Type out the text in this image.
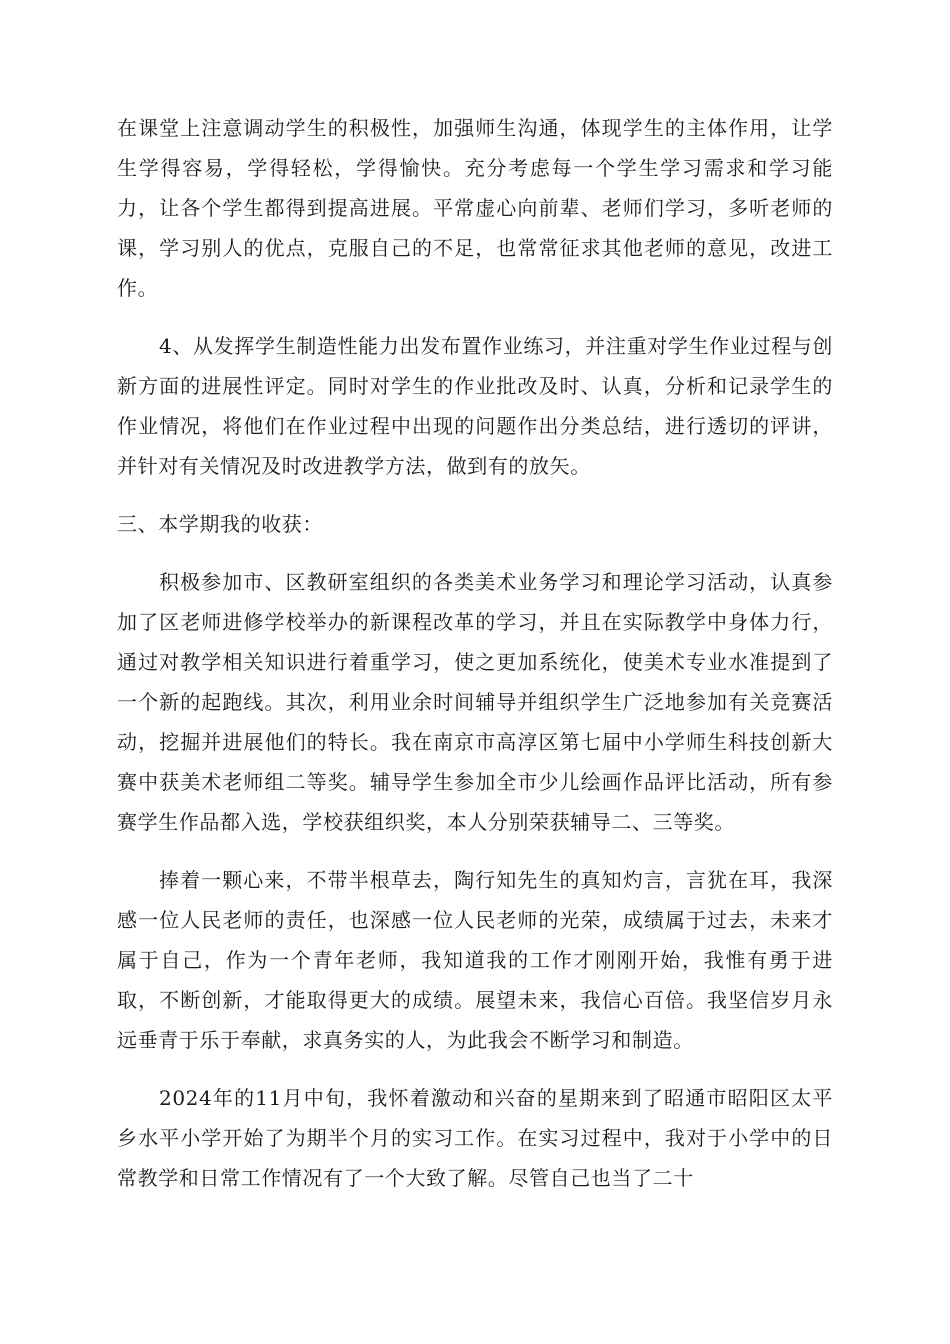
在课堂上注意调动学生的积极性，加强师生沟通，体现学生的主体作用，让学生学得容易，学得轻松，学得愉快。充分考虑每一个学生学习需求和学习能力，让各个学生都得到提高进展。平常虚心向前辈、老师们学习，多听老师的课，学习别人的优点，克服自己的不足，也常常征求其他老师的意见，改进工作。

4、从发挥学生制造性能力出发布置作业练习，并注重对学生作业过程与创新方面的进展性评定。同时对学生的作业批改及时、认真，分析和记录学生的作业情况，将他们在作业过程中出现的问题作出分类总结，进行透切的评讲，并针对有关情况及时改进教学方法，做到有的放矢。

三、本学期我的收获：

积极参加市、区教研室组织的各类美术业务学习和理论学习活动，认真参加了区老师进修学校举办的新课程改革的学习，并且在实际教学中身体力行，通过对教学相关知识进行着重学习，使之更加系统化，使美术专业水准提到了一个新的起跑线。其次，利用业余时间辅导并组织学生广泛地参加有关竞赛活动，挖掘并进展他们的特长。我在南京市高淳区第七届中小学师生科技创新大赛中获美术老师组二等奖。辅导学生参加全市少儿绘画作品评比活动，所有参赛学生作品都入选，学校获组织奖，本人分别荣获辅导二、三等奖。

捧着一颗心来，不带半根草去，陶行知先生的真知灼言，言犹在耳，我深感一位人民老师的责任，也深感一位人民老师的光荣，成绩属于过去，未来才属于自己，作为一个青年老师，我知道我的工作才刚刚开始，我惟有勇于进取，不断创新，才能取得更大的成绩。展望未来，我信心百倍。我坚信岁月永远垂青于乐于奉献，求真务实的人，为此我会不断学习和制造。

2024年的11月中旬，我怀着激动和兴奋的星期来到了昭通市昭阳区太平乡水平小学开始了为期半个月的实习工作。在实习过程中，我对于小学中的日常教学和日常工作情况有了一个大致了解。尽管自己也当了二十
